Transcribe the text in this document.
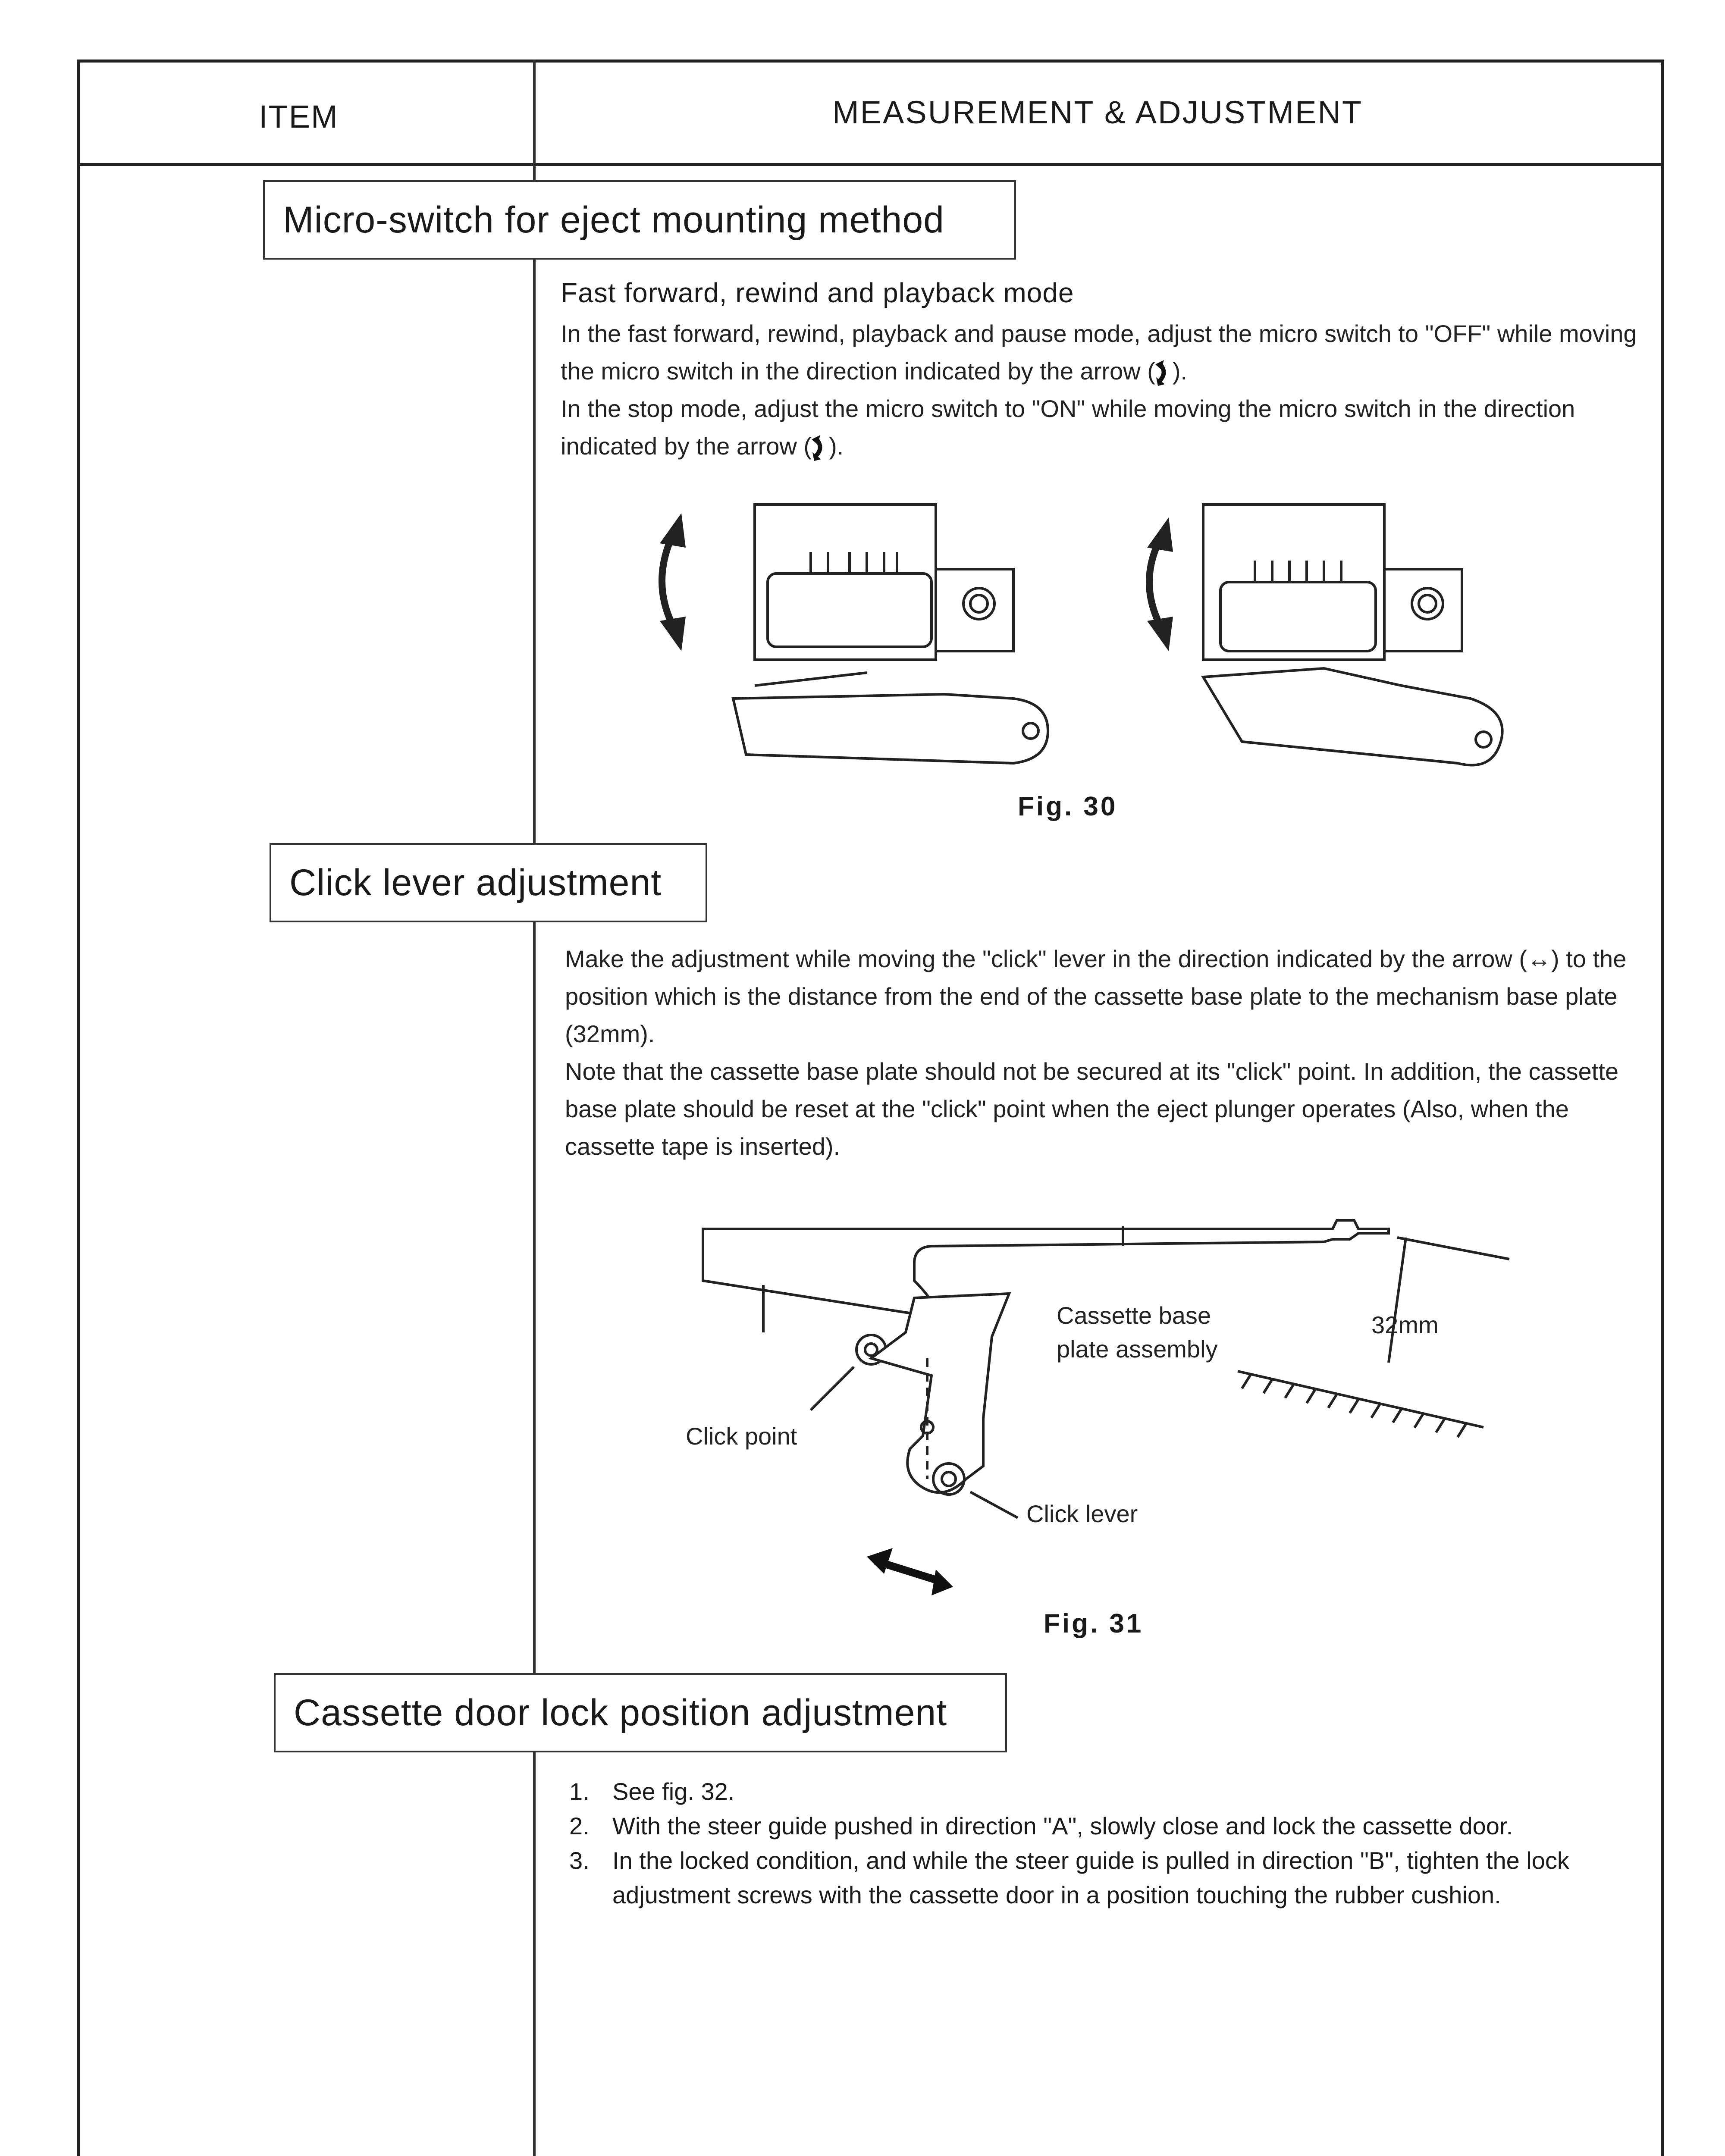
ITEM	MEASUREMENT & ADJUSTMENT
Micro-switch for eject mounting method
Fast forward, rewind and playback mode

In the fast forward, rewind, playback and pause mode, adjust the micro switch to "OFF" while moving the micro switch in the direction indicated by the arrow ( ).

In the stop mode, adjust the micro switch to "ON" while moving the micro switch in the direction indicated by the arrow ( ).

Fig. 30
Click lever adjustment

Make the adjustment while moving the "click" lever in the direction indicated by the arrow (↔) to the position which is the distance from the end of the cassette base plate to the mechanism base plate (32mm).

Note that the cassette base plate should not be secured at its "click" point. In addition, the cassette base plate should be reset at the "click" point when the eject plunger operates (Also, when the cassette tape is inserted).

Cassette base
plate assembly
32mm
Click point
Click lever
Fig. 31
Cassette door lock position adjustment
1. See fig. 32.
2. With the steer guide pushed in direction "A", slowly close and lock the cassette door.
3. In the locked condition, and while the steer guide is pulled in direction "B", tighten the lock adjustment screws with the cassette door in a position touching the rubber cushion.
